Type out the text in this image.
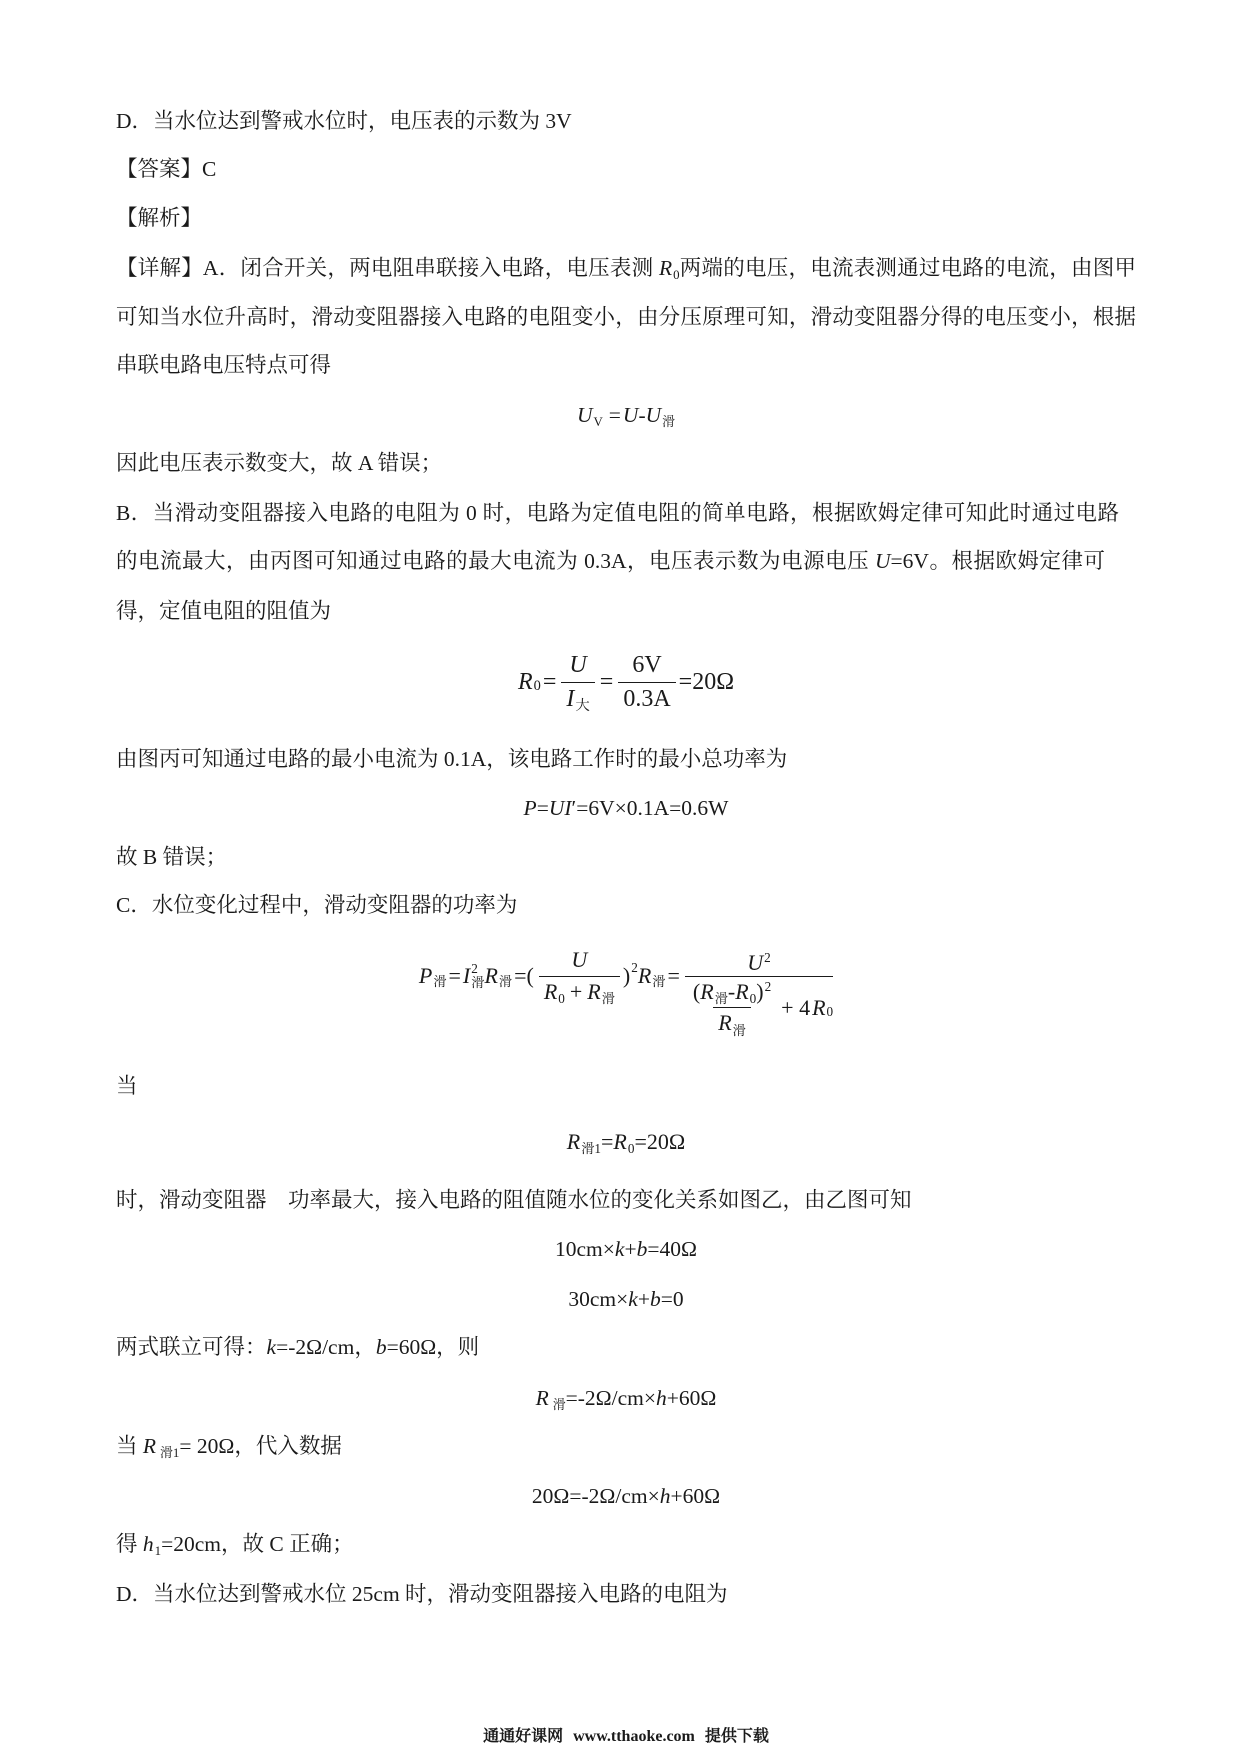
D．当水位达到警戒水位时，电压表的示数为 3V
【答案】C
【解析】
【详解】A．闭合开关，两电阻串联接入电路，电压表测 R0两端的电压，电流表测通过电路的电流，由图甲
可知当水位升高时，滑动变阻器接入电路的电阻变小，由分压原理可知，滑动变阻器分得的电压变小，根据
串联电路电压特点可得
UV =U-U滑
因此电压表示数变大，故 A 错误；
B．当滑动变阻器接入电路的电阻为 0 时，电路为定值电阻的简单电路，根据欧姆定律可知此时通过电路
的电流最大，由丙图可知通过电路的最大电流为 0.3A，电压表示数为电源电压 U=6V。根据欧姆定律可
得，定值电阻的阻值为
R $0 = \frac{U}{\text{I大}} = \frac{6V}{0.3A} =20\Omega$
由图丙可知通过电路的最小电流为 0.1A，该电路工作时的最小总功率为
P=UI′=6V×0.1A=0.6W
故 B 错误；
C．水位变化过程中，滑动变阻器的功率为
P 滑 = I 2
滑 R 滑 =( $\frac{U}{\text{R0 + R滑}}$ ) 2 R 滑 =
$U^2$
$\frac{(R滑-R0)^2}{\text{R滑}} + 4$ R 0
当
R滑1=R0=20Ω
时，滑动变阻器　功率最大，接入电路的阻值随水位的变化关系如图乙，由乙图可知
10cm×k+b=40Ω
30cm×k+b=0
两式联立可得：k=-2Ω/cm，b=60Ω，则
R滑=-2Ω/cm×h+60Ω
当 R 滑1= 20Ω，代入数据
20Ω=-2Ω/cm×h+60Ω
得 h1=20cm，故 C 正确；
D．当水位达到警戒水位 25cm 时，滑动变阻器接入电路的电阻为
通通好课网 www.tthaoke.com 提供下载
